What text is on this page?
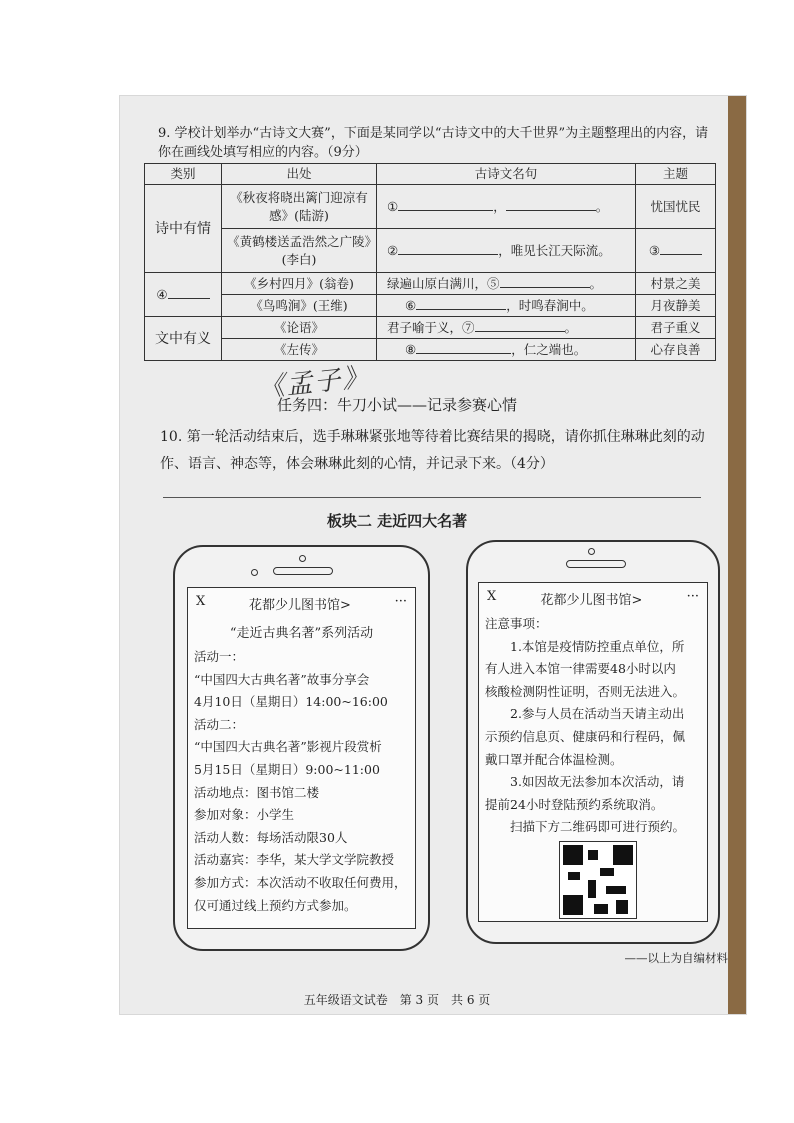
9. 学校计划举办“古诗文大赛”，下面是某同学以“古诗文中的大千世界”为主题整理出的内容，请你在画线处填写相应的内容。（9分）
类别	出处	古诗文名句	主题
诗中有情	《秋夜将晓出篱门迎凉有感》(陆游)	① ， 。	忧国忧民
	《黄鹤楼送孟浩然之广陵》(李白)	② ，唯见长江天际流。	③
④	《乡村四月》(翁卷)	绿遍山原白满川，⑤ 。	村景之美
	《鸟鸣涧》(王维)	⑥ ，时鸣春涧中。	月夜静美
文中有义	《论语》	君子喻于义，⑦ 。	君子重义
	《左传》	⑧ ，仁之端也。	心存良善
《孟子》
任务四：牛刀小试——记录参赛心情
10. 第一轮活动结束后，选手琳琳紧张地等待着比赛结果的揭晓，请你抓住琳琳此刻的动作、语言、神态等，体会琳琳此刻的心情，并记录下来。（4分）
板块二 走近四大名著
X	花都少儿图书馆>	···
“走近古典名著”系列活动
活动一：
“中国四大古典名著”故事分享会
4月10日（星期日）14:00~16:00
活动二：
“中国四大古典名著”影视片段赏析
5月15日（星期日）9:00~11:00
活动地点：图书馆二楼
参加对象：小学生
活动人数：每场活动限30人
活动嘉宾：李华，某大学文学院教授
参加方式：本次活动不收取任何费用，
仅可通过线上预约方式参加。
X	花都少儿图书馆>	···
注意事项：
　　1.本馆是疫情防控重点单位，所
有人进入本馆一律需要48小时以内
核酸检测阴性证明，否则无法进入。
　　2.参与人员在活动当天请主动出
示预约信息页、健康码和行程码，佩
戴口罩并配合体温检测。
　　3.如因故无法参加本次活动，请
提前24小时登陆预约系统取消。
　　扫描下方二维码即可进行预约。
——以上为自编材料
五年级语文试卷　第 3 页　共 6 页
